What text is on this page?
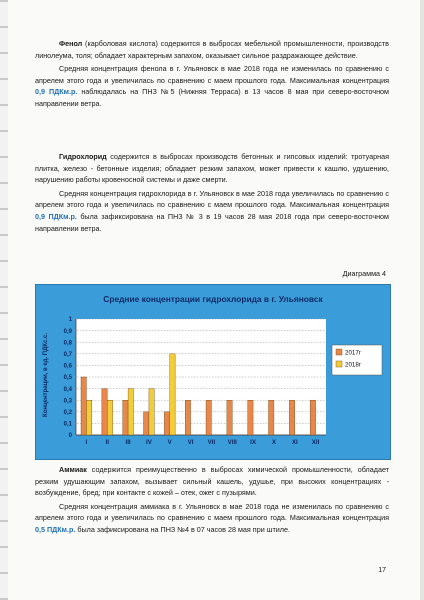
Фенол (карболовая кислота) содержится в выбросах мебельной промышленности, производств линолеума, толя; обладает характерным запахом, оказывает сильное раздражающее действие.

Средняя концентрация фенола в г. Ульяновск в мае 2018 года не изменилась по сравнению с апрелем этого года и увеличилась по сравнению с маем прошлого года. Максимальная концентрация 0,9 ПДКм.р. наблюдалась на ПНЗ №5 (Нижняя Терраса) в 13 часов 8 мая при северо-восточном направлении ветра.

Гидрохлорид содержится в выбросах производств бетонных и гипсовых изделий: тротуарная плитка, железо - бетонные изделия; обладает резким запахом, может привести к кашлю, удушению, нарушению работы кровеносной системы и даже смерти.

Средняя концентрация гидрохлорида в г. Ульяновск в мае 2018 года увеличилась по сравнению с апрелем этого года и увеличилась по сравнению с маем прошлого года. Максимальная концентрация 0,9 ПДКм.р. была зафиксирована на ПНЗ № 3 в 19 часов 28 мая 2018 года при северо-восточном направлении ветра.

Диаграмма 4
Средние концентрации гидрохлорида в г. Ульяновск
Концентрации, в ед. ПДКс.с.
0
0,1
0,2
0,3
0,4
0,5
0,6
0,7
0,8
0,9
1
I	II	III IV	V	VI VII VIII IX	X	XI XII
2017г
2018г

Аммиак содержится преимущественно в выбросах химической промышленности, обладает резким удушающим запахом, вызывает сильный кашель, удушье, при высоких концентрациях - возбуждение, бред; при контакте с кожей – отек, ожег с пузырями.

Средняя концентрация аммиака в г. Ульяновск в мае 2018 года не изменилась по сравнению с апрелем этого года и увеличилась по сравнению с маем прошлого года. Максимальная концентрация 0,5 ПДКм.р. была зафиксирована на ПНЗ №4 в 07 часов 28 мая при штиле.

17
